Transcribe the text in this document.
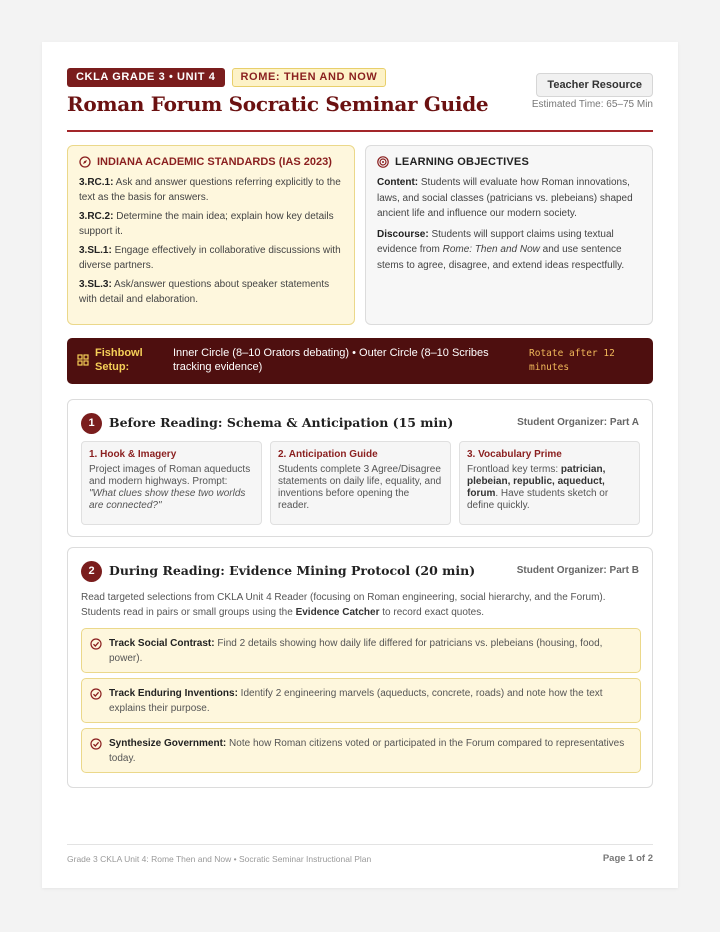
CKLA GRADE 3 • UNIT 4	ROME: THEN AND NOW
Roman Forum Socratic Seminar Guide
Teacher Resource
Estimated Time: 65–75 Min
INDIANA ACADEMIC STANDARDS (IAS 2023)
3.RC.1: Ask and answer questions referring explicitly to the text as the basis for answers.
3.RC.2: Determine the main idea; explain how key details support it.
3.SL.1: Engage effectively in collaborative discussions with diverse partners.
3.SL.3: Ask/answer questions about speaker statements with detail and elaboration.
LEARNING OBJECTIVES
Content: Students will evaluate how Roman innovations, laws, and social classes (patricians vs. plebeians) shaped ancient life and influence our modern society.
Discourse: Students will support claims using textual evidence from Rome: Then and Now and use sentence stems to agree, disagree, and extend ideas respectfully.
Fishbowl Setup:
Inner Circle (8–10 Orators debating) • Outer Circle (8–10 Scribes tracking evidence)
Rotate after 12 minutes
1	Before Reading: Schema & Anticipation (15 min)	Student Organizer: Part A
1. Hook & Imagery
Project images of Roman aqueducts and modern highways. Prompt: "What clues show these two worlds are connected?"
2. Anticipation Guide
Students complete 3 Agree/Disagree statements on daily life, equality, and inventions before opening the reader.
3. Vocabulary Prime
Frontload key terms: patrician, plebeian, republic, aqueduct, forum. Have students sketch or define quickly.
2	During Reading: Evidence Mining Protocol (20 min)	Student Organizer: Part B
Read targeted selections from CKLA Unit 4 Reader (focusing on Roman engineering, social hierarchy, and the Forum). Students read in pairs or small groups using the Evidence Catcher to record exact quotes.
Track Social Contrast: Find 2 details showing how daily life differed for patricians vs. plebeians (housing, food, power).
Track Enduring Inventions: Identify 2 engineering marvels (aqueducts, concrete, roads) and note how the text explains their purpose.
Synthesize Government: Note how Roman citizens voted or participated in the Forum compared to representatives today.
Grade 3 CKLA Unit 4: Rome Then and Now • Socratic Seminar Instructional Plan	Page 1 of 2
